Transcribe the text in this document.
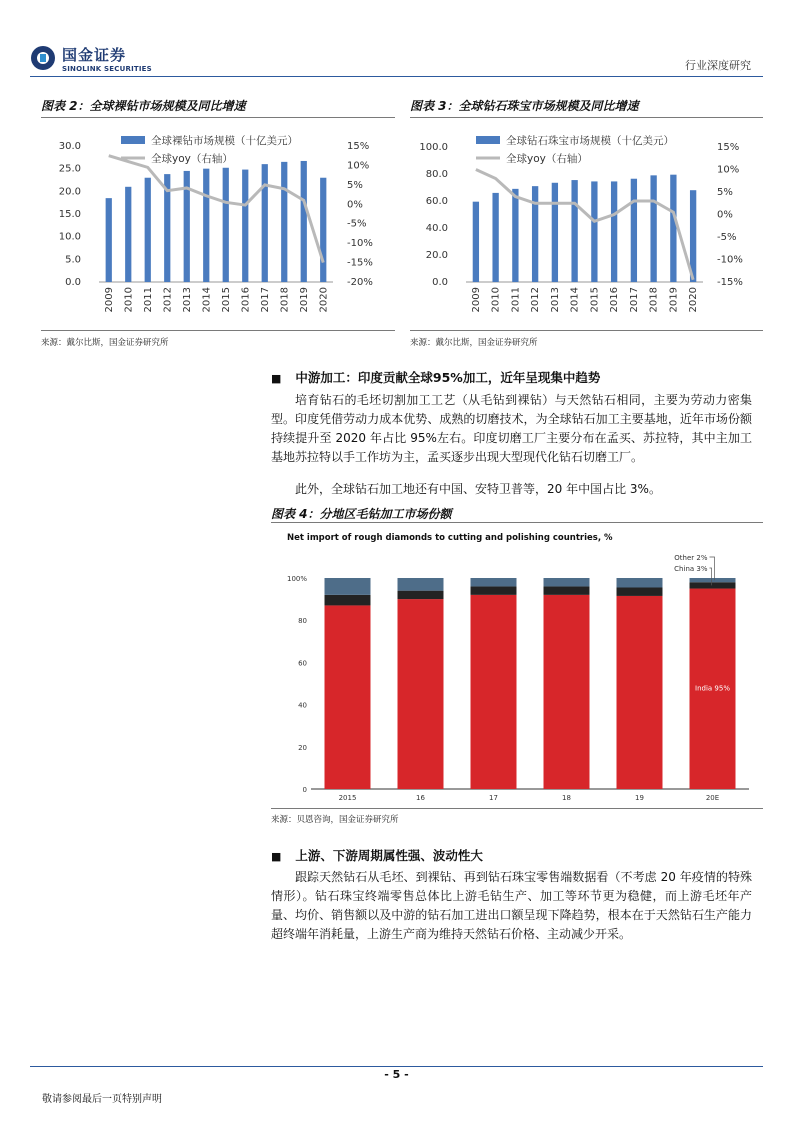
国金证券
SINOLINK SECURITIES	行业深度研究
图表 2：全球裸钻市场规模及同比增速
0.0
5.0
10.0
15.0
20.0
25.0
30.0
-20%
-15%
-10%
-5%
0%
5%
10%
15%
2009 2010 2011 2012 2013 2014 2015 2016 2017 2018 2019 2020
全球裸钻市场规模（十亿美元）
全球yoy（右轴）
来源：戴尔比斯，国金证券研究所
图表 3：全球钻石珠宝市场规模及同比增速
0.0
20.0
40.0
60.0
80.0
100.0
-15%
-10%
-5%
0%
5%
10%
15%
2009 2010 2011 2012 2013 2014 2015 2016 2017 2018 2019 2020
全球钻石珠宝市场规模（十亿美元）
全球yoy（右轴）
来源：戴尔比斯，国金证券研究所
■ 中游加工：印度贡献全球95%加工，近年呈现集中趋势
培育钻石的毛坯切割加工工艺（从毛钻到裸钻）与天然钻石相同，主要为劳动力密集型。印度凭借劳动力成本优势、成熟的切磨技术，为全球钻石加工主要基地，近年市场份额持续提升至 2020 年占比 95%左右。印度切磨工厂主要分布在孟买、苏拉特，其中主加工基地苏拉特以手工作坊为主，孟买逐步出现大型现代化钻石切磨工厂。
此外，全球钻石加工地还有中国、安特卫普等，20 年中国占比 3%。
图表 4：分地区毛钻加工市场份额
Net import of rough diamonds to cutting and polishing countries, %
0
20
40
60
80
100%
2015	16	17	18	19	20E
India 95%
Other 2%
China 3%
来源：贝恩咨询，国金证券研究所
■ 上游、下游周期属性强、波动性大
跟踪天然钻石从毛坯、到裸钻、再到钻石珠宝零售端数据看（不考虑 20 年疫情的特殊情形）。钻石珠宝终端零售总体比上游毛钻生产、加工等环节更为稳健，而上游毛坯年产量、均价、销售额以及中游的钻石加工进出口额呈现下降趋势，根本在于天然钻石生产能力超终端年消耗量，上游生产商为维持天然钻石价格、主动减少开采。
- 5 -
敬请参阅最后一页特别声明
